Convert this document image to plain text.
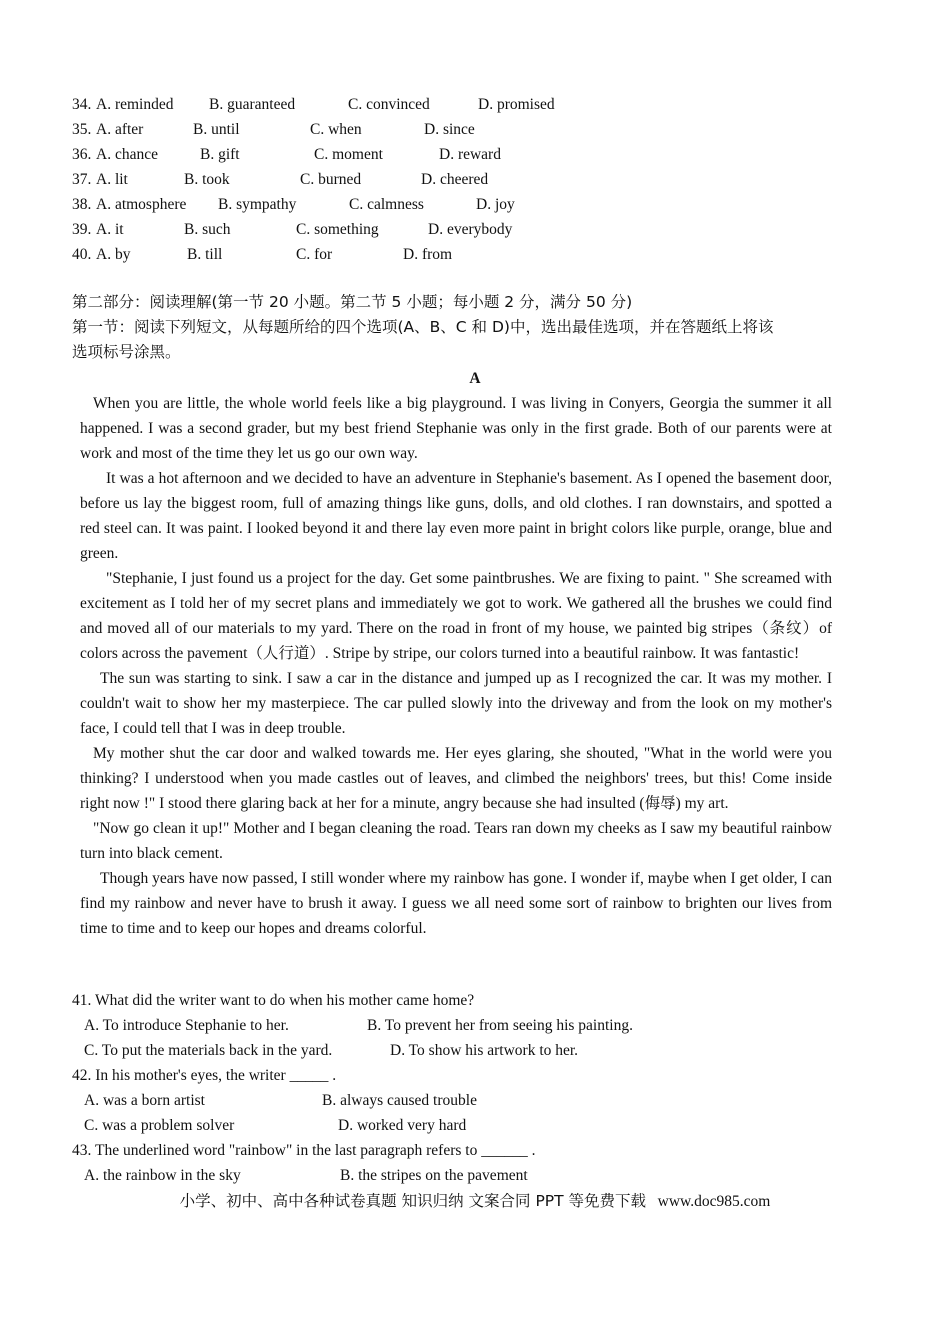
34. A. reminded B. guaranteed	C. convinced	D. promised
35. A. after	B. until	C. when	D. since
36. A. chance	B. gift	C. moment	D. reward
37. A. lit	B. took	C. burned	D. cheered
38. A. atmosphere B. sympathy	C. calmness	D. joy
39. A. it	B. such	C. something	D. everybody
40. A. by	B. till	C. for	D. from
第二部分：阅读理解(第一节 20 小题。第二节 5 小题；每小题 2 分，满分 50 分)
第一节：阅读下列短文，从每题所给的四个选项(A、B、C 和 D)中，选出最佳选项，并在答题纸上将该
选项标号涂黑。
A

When you are little, the whole world feels like a big playground. I was living in Conyers, Georgia the summer it all happened. I was a second grader, but my best friend Stephanie was only in the first grade. Both of our parents were at work and most of the time they let us go our own way.

It was a hot afternoon and we decided to have an adventure in Stephanie's basement. As I opened the basement door, before us lay the biggest room, full of amazing things like guns, dolls, and old clothes. I ran downstairs, and spotted a red steel can. It was paint. I looked beyond it and there lay even more paint in bright colors like purple, orange, blue and green.

"Stephanie, I just found us a project for the day. Get some paintbrushes. We are fixing to paint. " She screamed with excitement as I told her of my secret plans and immediately we got to work. We gathered all the brushes we could find and moved all of our materials to my yard. There on the road in front of my house, we painted big stripes（条纹）of colors across the pavement（人行道）. Stripe by stripe, our colors turned into a beautiful rainbow. It was fantastic!

The sun was starting to sink. I saw a car in the distance and jumped up as I recognized the car. It was my mother. I couldn't wait to show her my masterpiece. The car pulled slowly into the driveway and from the look on my mother's face, I could tell that I was in deep trouble.

My mother shut the car door and walked towards me. Her eyes glaring, she shouted, "What in the world were you thinking? I understood when you made castles out of leaves, and climbed the neighbors' trees, but this! Come inside right now !" I stood there glaring back at her for a minute, angry because she had insulted (侮辱) my art.

"Now go clean it up!" Mother and I began cleaning the road. Tears ran down my cheeks as I saw my beautiful rainbow turn into black cement.

Though years have now passed, I still wonder where my rainbow has gone. I wonder if, maybe when I get older, I can find my rainbow and never have to brush it away. I guess we all need some sort of rainbow to brighten our lives from time to time and to keep our hopes and dreams colorful.

41. What did the writer want to do when his mother came home?
A. To introduce Stephanie to her.	B. To prevent her from seeing his painting.
C. To put the materials back in the yard.	D. To show his artwork to her.
42. In his mother's eyes, the writer _____ .
A. was a born artist	B. always caused trouble
C. was a problem solver	D. worked very hard
43. The underlined word "rainbow" in the last paragraph refers to ______ .
A. the rainbow in the sky	B. the stripes on the pavement
小学、初中、高中各种试卷真题 知识归纳 文案合同 PPT 等免费下载 www.doc985.com
